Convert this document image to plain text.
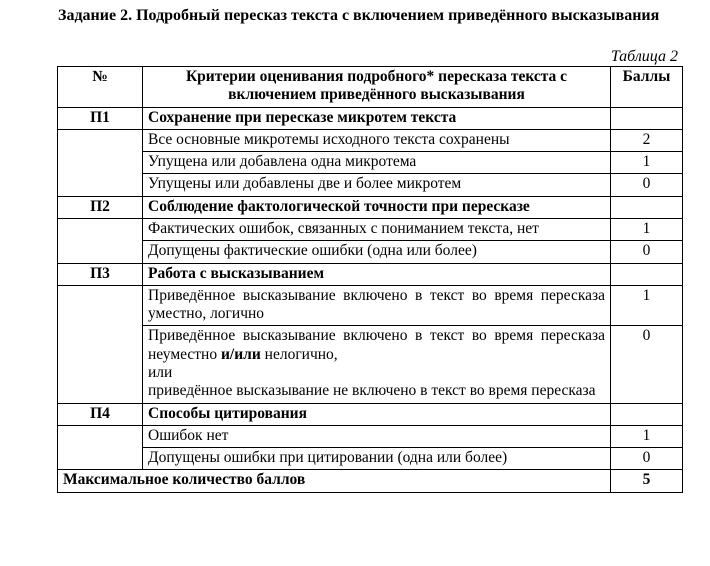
Задание 2. Подробный пересказ текста с включением приведённого высказывания
Таблица 2
№	Критерии оценивания подробного* пересказа текста с включением приведённого высказывания	Баллы
П1	Сохранение при пересказе микротем текста	
	Все основные микротемы исходного текста сохранены	2
	Упущена или добавлена одна микротема	1
	Упущены или добавлены две и более микротем	0
П2	Соблюдение фактологической точности при пересказе	
	Фактических ошибок, связанных с пониманием текста, нет	1
	Допущены фактические ошибки (одна или более)	0
П3	Работа с высказыванием	
	Приведённое высказывание включено в текст во время пересказа уместно, логично	1

	Приведённое высказывание включено в текст во время пересказа неуместно и/или нелогично,
или
приведённое высказывание не включено в текст во время пересказа	0
П4	Способы цитирования	
	Ошибок нет	1
	Допущены ошибки при цитировании (одна или более)	0
Максимальное количество баллов		5
